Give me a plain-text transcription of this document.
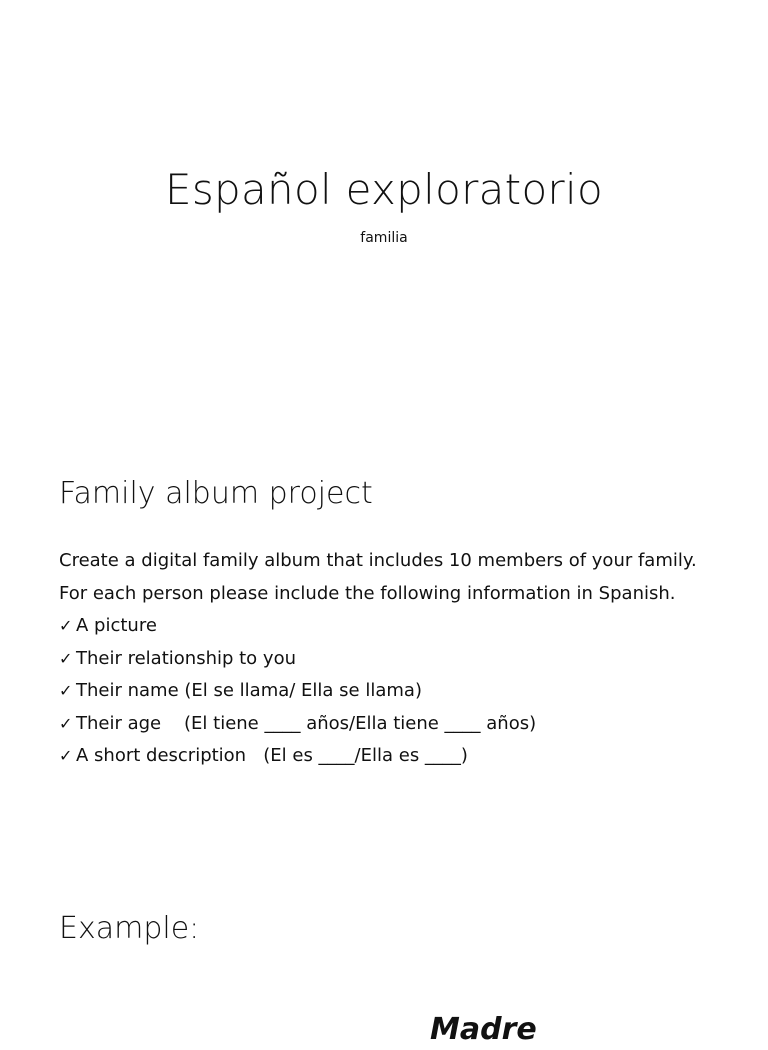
Español exploratorio
familia
Family album project
Create a digital family album that includes 10 members of your family.
For each person please include the following information in Spanish.
✓ A picture
✓ Their relationship to you
✓ Their name (El se llama/ Ella se llama)
✓ Their age    (El tiene ____ años/Ella tiene ____ años)
✓ A short description   (El es ____/Ella es ____)
Example:
Madre
